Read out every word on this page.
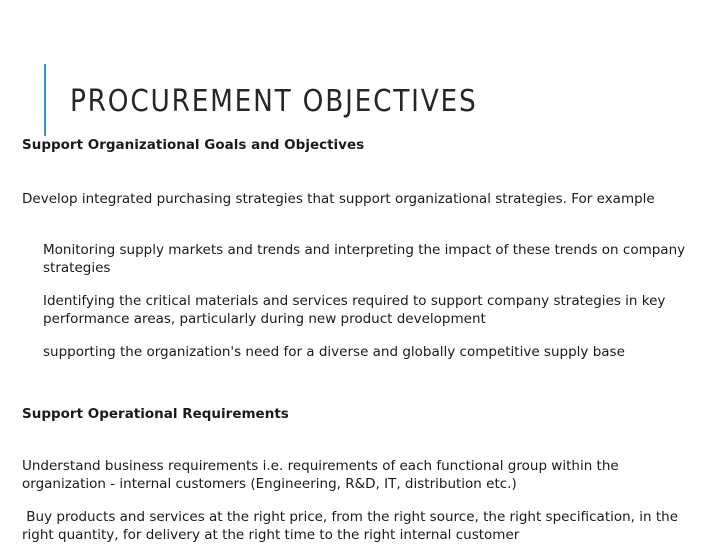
PROCUREMENT OBJECTIVES
Support Organizational Goals and Objectives
Develop integrated purchasing strategies that support organizational strategies. For example
Monitoring supply markets and trends and interpreting the impact of these trends on company strategies
Identifying the critical materials and services required to support company strategies in key performance areas, particularly during new product development
supporting the organization's need for a diverse and globally competitive supply base
Support Operational Requirements
Understand business requirements i.e. requirements of each functional group within the organization - internal customers (Engineering, R&D, IT, distribution etc.)
Buy products and services at the right price, from the right source, the right specification, in the right quantity, for delivery at the right time to the right internal customer
